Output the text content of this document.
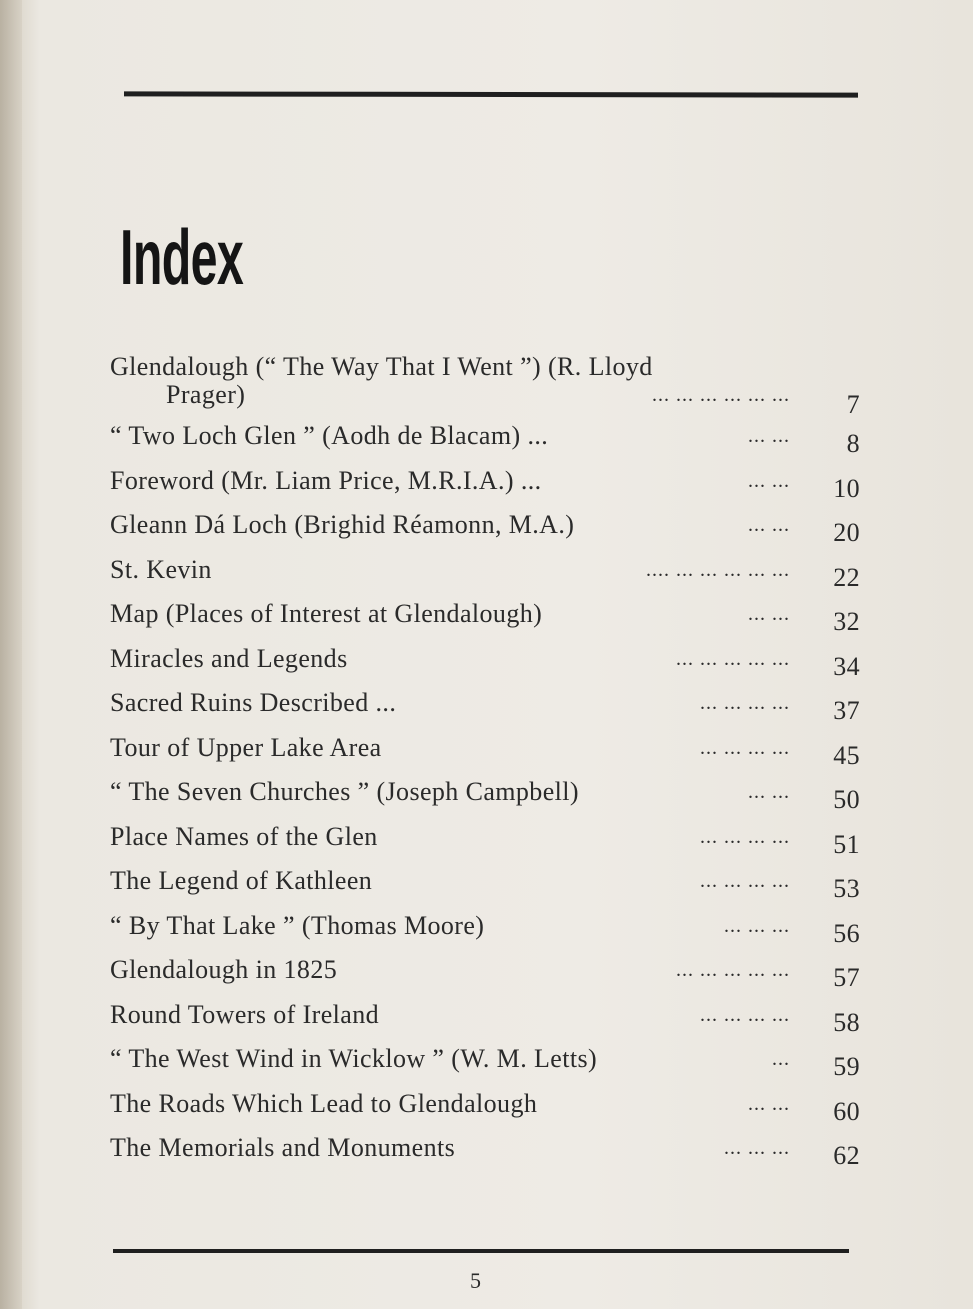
Index
Glendalough (“ The Way That I Went ”) (R. Lloyd
Prager)	... ... ... ... ... ...	7
“ Two Loch Glen ” (Aodh de Blacam) ...	... ...	8
Foreword (Mr. Liam Price, M.R.I.A.) ...	... ...	10
Gleann Dá Loch (Brighid Réamonn, M.A.)	... ...	20
St. Kevin	.... ... ... ... ... ...	22
Map (Places of Interest at Glendalough)	... ...	32
Miracles and Legends	... ... ... ... ...	34
Sacred Ruins Described ...	... ... ... ...	37
Tour of Upper Lake Area	... ... ... ...	45
“ The Seven Churches ” (Joseph Campbell)	... ...	50
Place Names of the Glen	... ... ... ...	51
The Legend of Kathleen	... ... ... ...	53
“ By That Lake ” (Thomas Moore)	... ... ...	56
Glendalough in 1825	... ... ... ... ...	57
Round Towers of Ireland	... ... ... ...	58
“ The West Wind in Wicklow ” (W. M. Letts)	...	59
The Roads Which Lead to Glendalough	... ...	60
The Memorials and Monuments	... ... ...	62
5
